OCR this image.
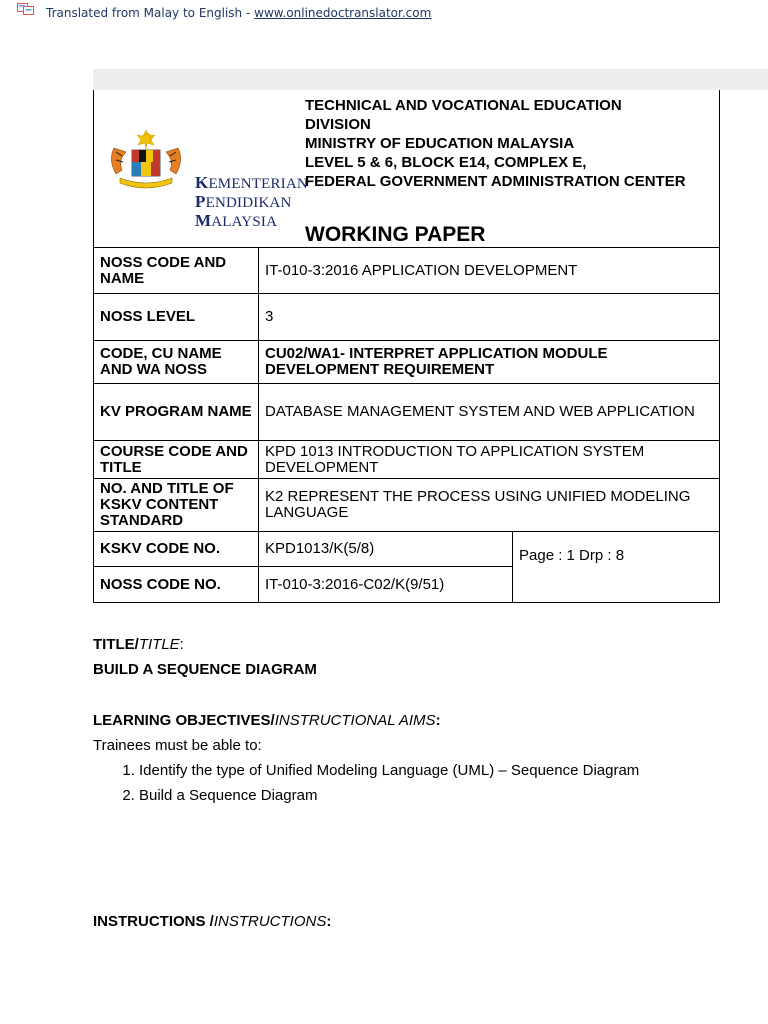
Translated from Malay to English - www.onlinedoctranslator.com
KEMENTERIAN
PENDIDIKAN
MALAYSIA
TECHNICAL AND VOCATIONAL EDUCATION
DIVISION
MINISTRY OF EDUCATION MALAYSIA
LEVEL 5 & 6, BLOCK E14, COMPLEX E,
FEDERAL GOVERNMENT ADMINISTRATION CENTER
WORKING PAPER
NOSS CODE AND NAME	IT-010-3:2016 APPLICATION DEVELOPMENT	
NOSS LEVEL	3	
CODE, CU NAME AND WA NOSS	CU02/WA1- INTERPRET APPLICATION MODULE DEVELOPMENT REQUIREMENT	
KV PROGRAM NAME	DATABASE MANAGEMENT SYSTEM AND WEB APPLICATION	
COURSE CODE AND TITLE	KPD 1013 INTRODUCTION TO APPLICATION SYSTEM DEVELOPMENT	
NO. AND TITLE OF KSKV CONTENT STANDARD	K2 REPRESENT THE PROCESS USING UNIFIED MODELING LANGUAGE	
KSKV CODE NO.	KPD1013/K(5/8)	Page : 1 Drp : 8
NOSS CODE NO.	IT-010-3:2016-C02/K(9/51)	
TITLE/TITLE:
BUILD A SEQUENCE DIAGRAM
LEARNING OBJECTIVES/INSTRUCTIONAL AIMS:
Trainees must be able to:
1. Identify the type of Unified Modeling Language (UML) – Sequence Diagram
2. Build a Sequence Diagram
INSTRUCTIONS /INSTRUCTIONS:
